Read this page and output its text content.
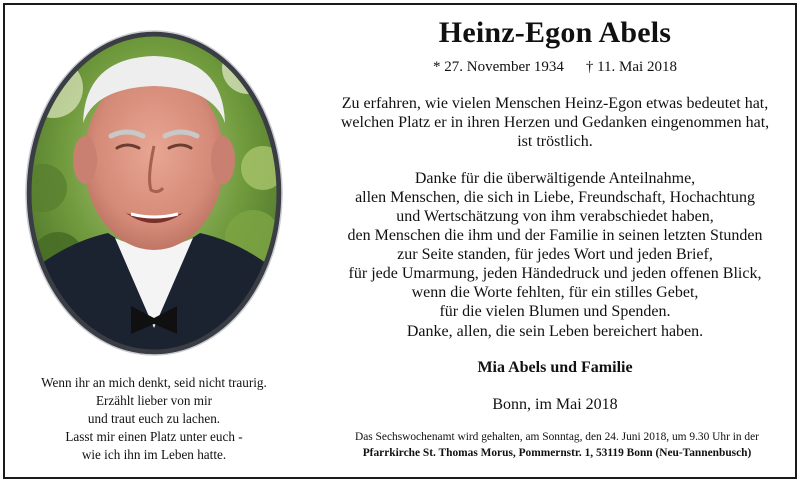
Wenn ihr an mich denkt, seid nicht traurig.
Erzählt lieber von mir
und traut euch zu lachen.
Lasst mir einen Platz unter euch -
wie ich ihn im Leben hatte.
Heinz-Egon Abels
* 27. November 1934 † 11. Mai 2018
Zu erfahren, wie vielen Menschen Heinz-Egon etwas bedeutet hat,
welchen Platz er in ihren Herzen und Gedanken eingenommen hat,
ist tröstlich.
Danke für die überwältigende Anteilnahme,
allen Menschen, die sich in Liebe, Freundschaft, Hochachtung
und Wertschätzung von ihm verabschiedet haben,
den Menschen die ihm und der Familie in seinen letzten Stunden
zur Seite standen, für jedes Wort und jeden Brief,
für jede Umarmung, jeden Händedruck und jeden offenen Blick,
wenn die Worte fehlten, für ein stilles Gebet,
für die vielen Blumen und Spenden.
Danke, allen, die sein Leben bereichert haben.
Mia Abels und Familie
Bonn, im Mai 2018
Das Sechswochenamt wird gehalten, am Sonntag, den 24. Juni 2018, um 9.30 Uhr in der
Pfarrkirche St. Thomas Morus, Pommernstr. 1, 53119 Bonn (Neu-Tannenbusch)
